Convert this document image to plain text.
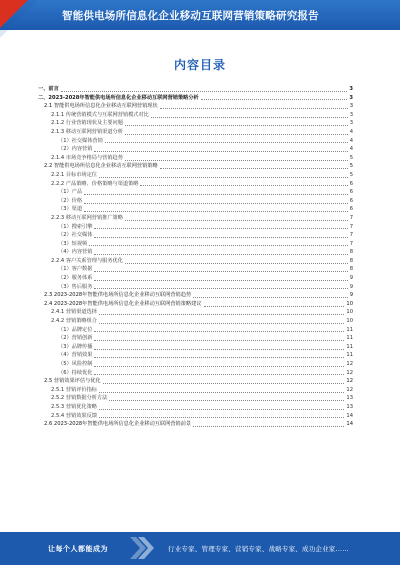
智能供电场所信息化企业移动互联网营销策略研究报告
内容目录
一、前言	3
二、2023-2028年智能供电场所信息化企业移动互联网营销策略分析	3
2.1 智能供电场所信息化企业移动互联网营销现状	3
2.1.1 传统营销模式与互联网营销模式对比	3
2.1.2 行业营销现状及主要问题	3
2.1.3 移动互联网营销渠道分析	4
（1）社交媒体营销	4
（2）内容营销	4
2.1.4 市场竞争格局与营销趋势	5
2.2 智能供电场所信息化企业移动互联网营销策略	5
2.2.1 目标市场定位	5
2.2.2 产品策略、价格策略与渠道策略	6
（1）产品	6
（2）价格	6
（3）渠道	6
2.2.3 移动互联网营销推广策略	7
（1）搜索引擎	7
（2）社交媒体	7
（3）短视频	7
（4）内容营销	8
2.2.4 客户关系管理与服务优化	8
（1）客户数据	8
（2）服务体系	9
（3）售后服务	9
2.3 2023-2028年智能供电场所信息化企业移动互联网营销趋势	9
2.4 2023-2028年智能供电场所信息化企业移动互联网营销策略建议	10
2.4.1 营销渠道选择	10
2.4.2 营销策略组合	10
（1）品牌定位	11
（2）营销创新	11
（3）品牌传播	11
（4）营销效果	11
（5）风险控制	12
（6）持续优化	12
2.5 营销效果评估与优化	12
2.5.1 营销评价指标	12
2.5.2 营销数据分析方法	13
2.5.3 营销优化策略	13
2.5.4 营销效果反馈	14
2.6 2023-2028年智能供电场所信息化企业移动互联网营销前景	14
让每个人都能成为	行业专家、管理专家、营销专家、战略专家、成功企业家……
